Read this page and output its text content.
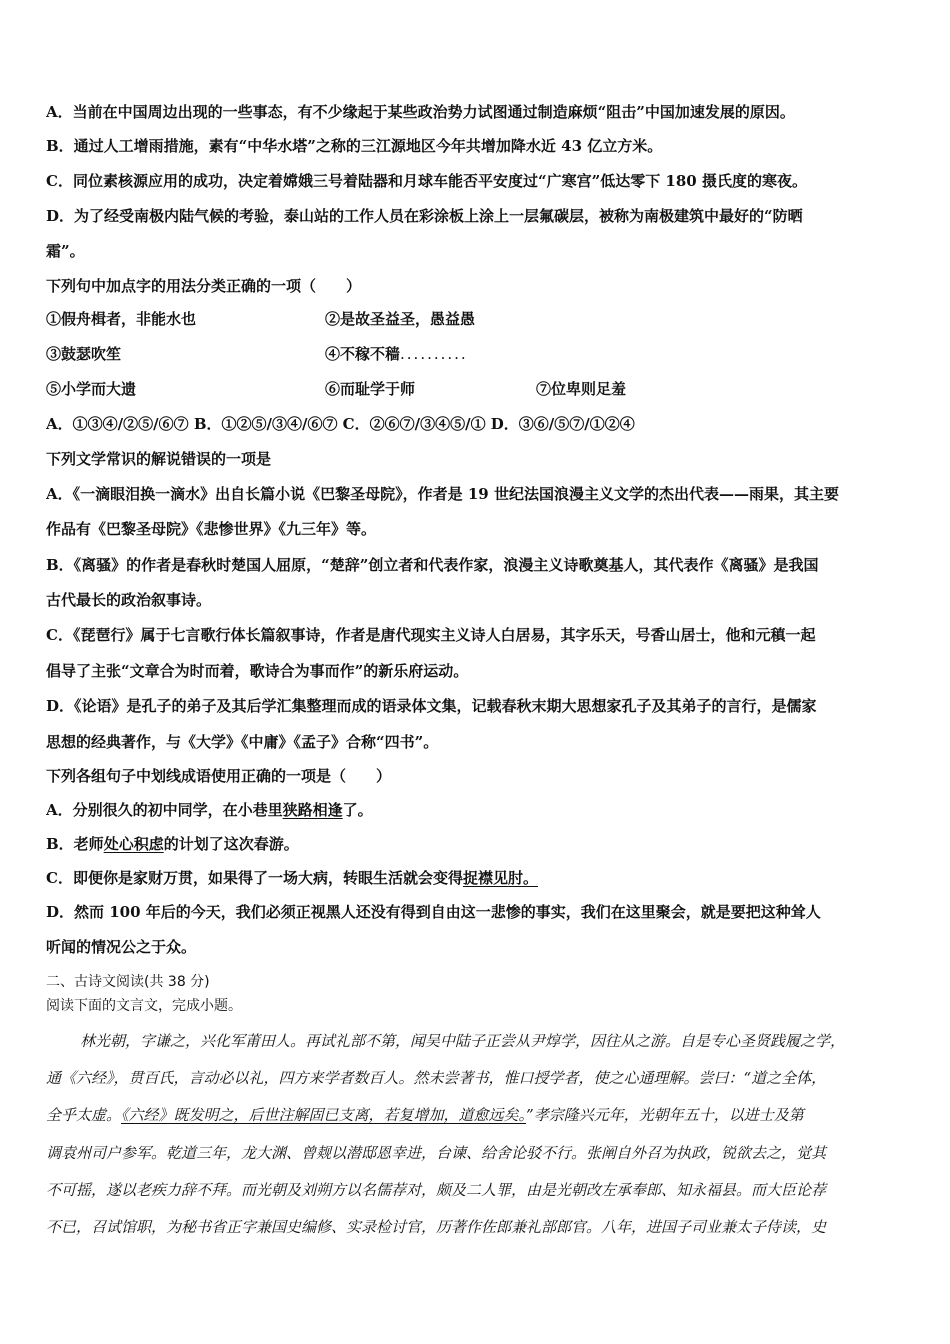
A．当前在中国周边出现的一些事态，有不少缘起于某些政治势力试图通过制造麻烦“阻击”中国加速发展的原因。
B．通过人工增雨措施，素有“中华水塔”之称的三江源地区今年共增加降水近 43 亿立方米。
C．同位素核源应用的成功，决定着嫦娥三号着陆器和月球车能否平安度过“广寒宫”低达零下 180 摄氏度的寒夜。
D．为了经受南极内陆气候的考验，泰山站的工作人员在彩涂板上涂上一层氟碳层，被称为南极建筑中最好的“防晒
霜”。
下列句中加点字的用法分类正确的一项（　　）
①假舟楫者，非能水也	②是故圣益圣，愚益愚
③鼓瑟吹笙	④不稼不穑..........
⑤小学而大遗	⑥而耻学于师	⑦位卑则足羞
A．①③④/②⑤/⑥⑦ B．①②⑤/③④/⑥⑦ C．②⑥⑦/③④⑤/① D．③⑥/⑤⑦/①②④
下列文学常识的解说错误的一项是
A．《一滴眼泪换一滴水》出自长篇小说《巴黎圣母院》，作者是 19 世纪法国浪漫主义文学的杰出代表——雨果，其主要
作品有《巴黎圣母院》《悲惨世界》《九三年》等。
B．《离骚》的作者是春秋时楚国人屈原，“楚辞”创立者和代表作家，浪漫主义诗歌奠基人，其代表作《离骚》是我国
古代最长的政治叙事诗。
C．《琵琶行》属于七言歌行体长篇叙事诗，作者是唐代现实主义诗人白居易，其字乐天，号香山居士，他和元稹一起
倡导了主张“文章合为时而着，歌诗合为事而作”的新乐府运动。
D．《论语》是孔子的弟子及其后学汇集整理而成的语录体文集，记载春秋末期大思想家孔子及其弟子的言行，是儒家
思想的经典著作，与《大学》《中庸》《孟子》合称“四书”。
下列各组句子中划线成语使用正确的一项是（　　）
A．分别很久的初中同学，在小巷里狭路相逢了。
B．老师处心积虑的计划了这次春游。
C．即便你是家财万贯，如果得了一场大病，转眼生活就会变得捉襟见肘。
D．然而 100 年后的今天，我们必须正视黑人还没有得到自由这一悲惨的事实，我们在这里聚会，就是要把这种耸人
听闻的情况公之于众。
二、古诗文阅读(共 38 分)
阅读下面的文言文，完成小题。
林光朝，字谦之，兴化军莆田人。再试礼部不第，闻吴中陆子正尝从尹焞学，因往从之游。自是专心圣贤践履之学，
通《六经》，贯百氏，言动必以礼，四方来学者数百人。然未尝著书，惟口授学者，使之心通理解。尝曰：“道之全体，
全乎太虚。《六经》既发明之，后世注解固已支离，若复增加，道愈远矣。”孝宗隆兴元年，光朝年五十，以进士及第
调袁州司户参军。乾道三年，龙大渊、曾觌以潜邸恩幸进，台谏、给舍论驳不行。张阐自外召为执政，锐欲去之，觉其
不可摇，遂以老疾力辞不拜。而光朝及刘朔方以名儒荐对，颇及二人罪，由是光朝改左承奉郎、知永福县。而大臣论荐
不已，召试馆职，为秘书省正字兼国史编修、实录检讨官，历著作佐郎兼礼部郎官。八年，进国子司业兼太子侍读，史
